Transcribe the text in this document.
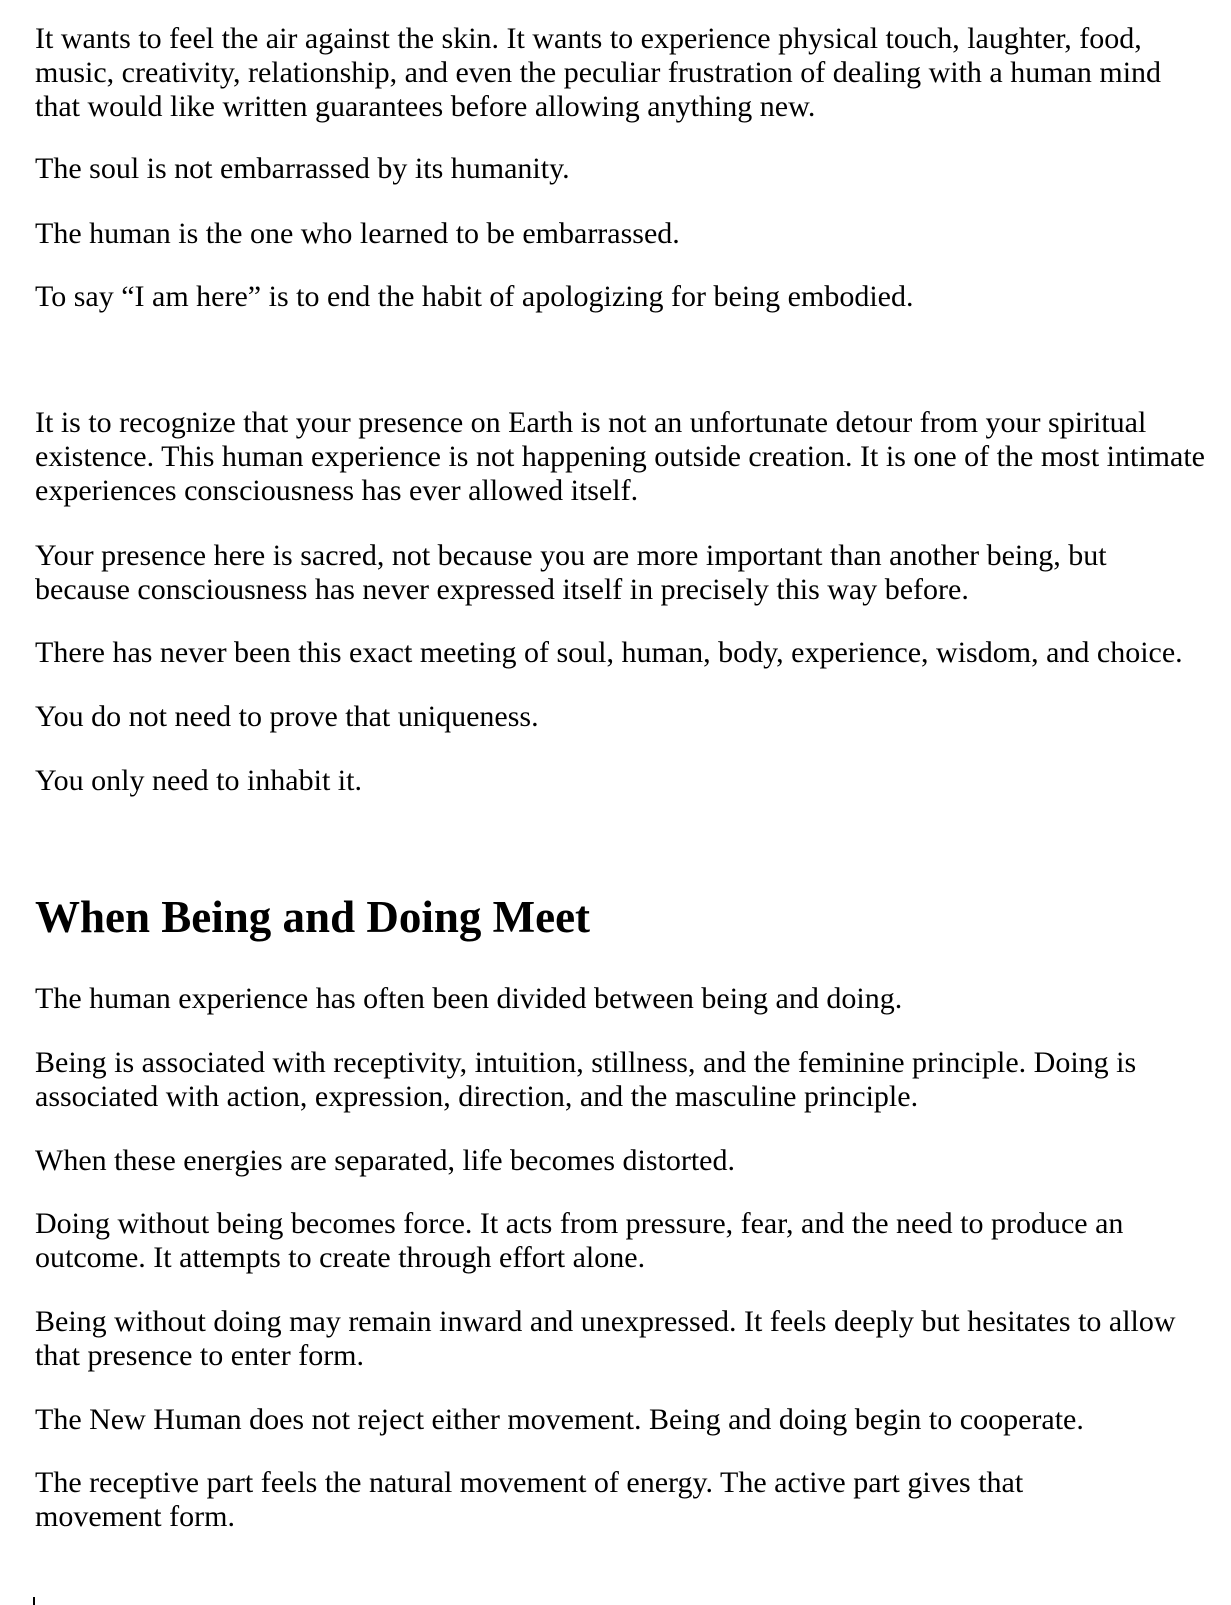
It wants to feel the air against the skin. It wants to experience physical touch, laughter, food, music, creativity, relationship, and even the peculiar frustration of dealing with a human mind that would like written guarantees before allowing anything new.

The soul is not embarrassed by its humanity.

The human is the one who learned to be embarrassed.

To say “I am here” is to end the habit of apologizing for being embodied.

It is to recognize that your presence on Earth is not an unfortunate detour from your spiritual existence. This human experience is not happening outside creation. It is one of the most intimate experiences consciousness has ever allowed itself.

Your presence here is sacred, not because you are more important than another being, but because consciousness has never expressed itself in precisely this way before.

There has never been this exact meeting of soul, human, body, experience, wisdom, and choice.

You do not need to prove that uniqueness.

You only need to inhabit it.

When Being and Doing Meet

The human experience has often been divided between being and doing.

Being is associated with receptivity, intuition, stillness, and the feminine principle. Doing is associated with action, expression, direction, and the masculine principle.

When these energies are separated, life becomes distorted.

Doing without being becomes force. It acts from pressure, fear, and the need to produce an outcome. It attempts to create through effort alone.

Being without doing may remain inward and unexpressed. It feels deeply but hesitates to allow that presence to enter form.

The New Human does not reject either movement. Being and doing begin to cooperate.

The receptive part feels the natural movement of energy. The active part gives that movement form.
